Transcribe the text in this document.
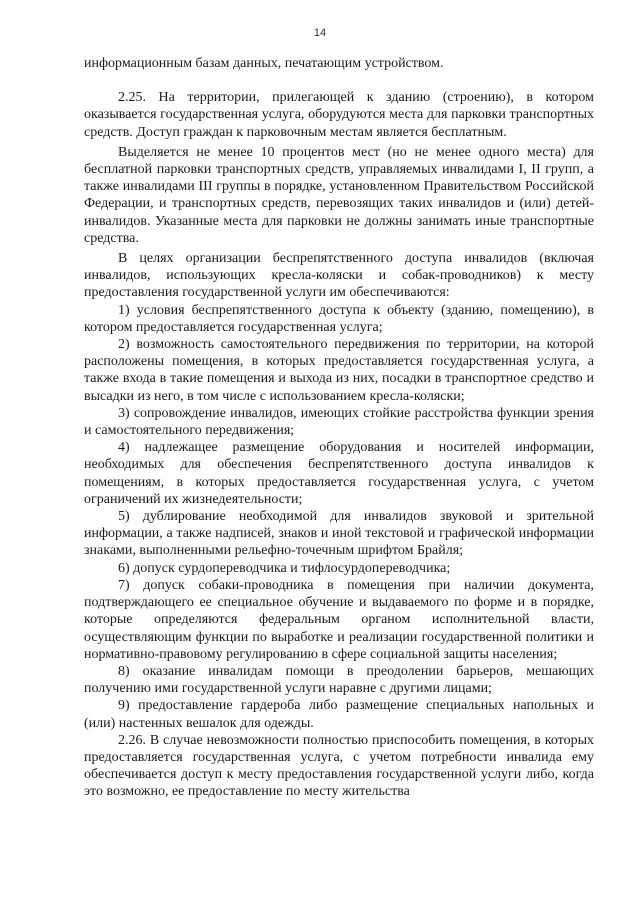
14

информационным базам данных, печатающим устройством.

2.25. На территории, прилегающей к зданию (строению), в котором оказывается государственная услуга, оборудуются места для парковки транспортных средств. Доступ граждан к парковочным местам является бесплатным.

Выделяется не менее 10 процентов мест (но не менее одного места) для бесплатной парковки транспортных средств, управляемых инвалидами I, II групп, а также инвалидами III группы в порядке, установленном Правительством Российской Федерации, и транспортных средств, перевозящих таких инвалидов и (или) детей-инвалидов. Указанные места для парковки не должны занимать иные транспортные средства.

В целях организации беспрепятственного доступа инвалидов (включая инвалидов, использующих кресла-коляски и собак-проводников) к месту предоставления государственной услуги им обеспечиваются:

1) условия беспрепятственного доступа к объекту (зданию, помещению), в котором предоставляется государственная услуга;

2) возможность самостоятельного передвижения по территории, на которой расположены помещения, в которых предоставляется государственная услуга, а также входа в такие помещения и выхода из них, посадки в транспортное средство и высадки из него, в том числе с использованием кресла-коляски;

3) сопровождение инвалидов, имеющих стойкие расстройства функции зрения и самостоятельного передвижения;

4) надлежащее размещение оборудования и носителей информации, необходимых для обеспечения беспрепятственного доступа инвалидов к помещениям, в которых предоставляется государственная услуга, с учетом ограничений их жизнедеятельности;

5) дублирование необходимой для инвалидов звуковой и зрительной информации, а также надписей, знаков и иной текстовой и графической информации знаками, выполненными рельефно-точечным шрифтом Брайля;

6) допуск сурдопереводчика и тифлосурдопереводчика;

7) допуск собаки-проводника в помещения при наличии документа, подтверждающего ее специальное обучение и выдаваемого по форме и в порядке, которые определяются федеральным органом исполнительной власти, осуществляющим функции по выработке и реализации государственной политики и нормативно-правовому регулированию в сфере социальной защиты населения;

8) оказание инвалидам помощи в преодолении барьеров, мешающих получению ими государственной услуги наравне с другими лицами;

9) предоставление гардероба либо размещение специальных напольных и (или) настенных вешалок для одежды.

2.26. В случае невозможности полностью приспособить помещения, в которых предоставляется государственная услуга, с учетом потребности инвалида ему обеспечивается доступ к месту предоставления государственной услуги либо, когда это возможно, ее предоставление по месту жительства
